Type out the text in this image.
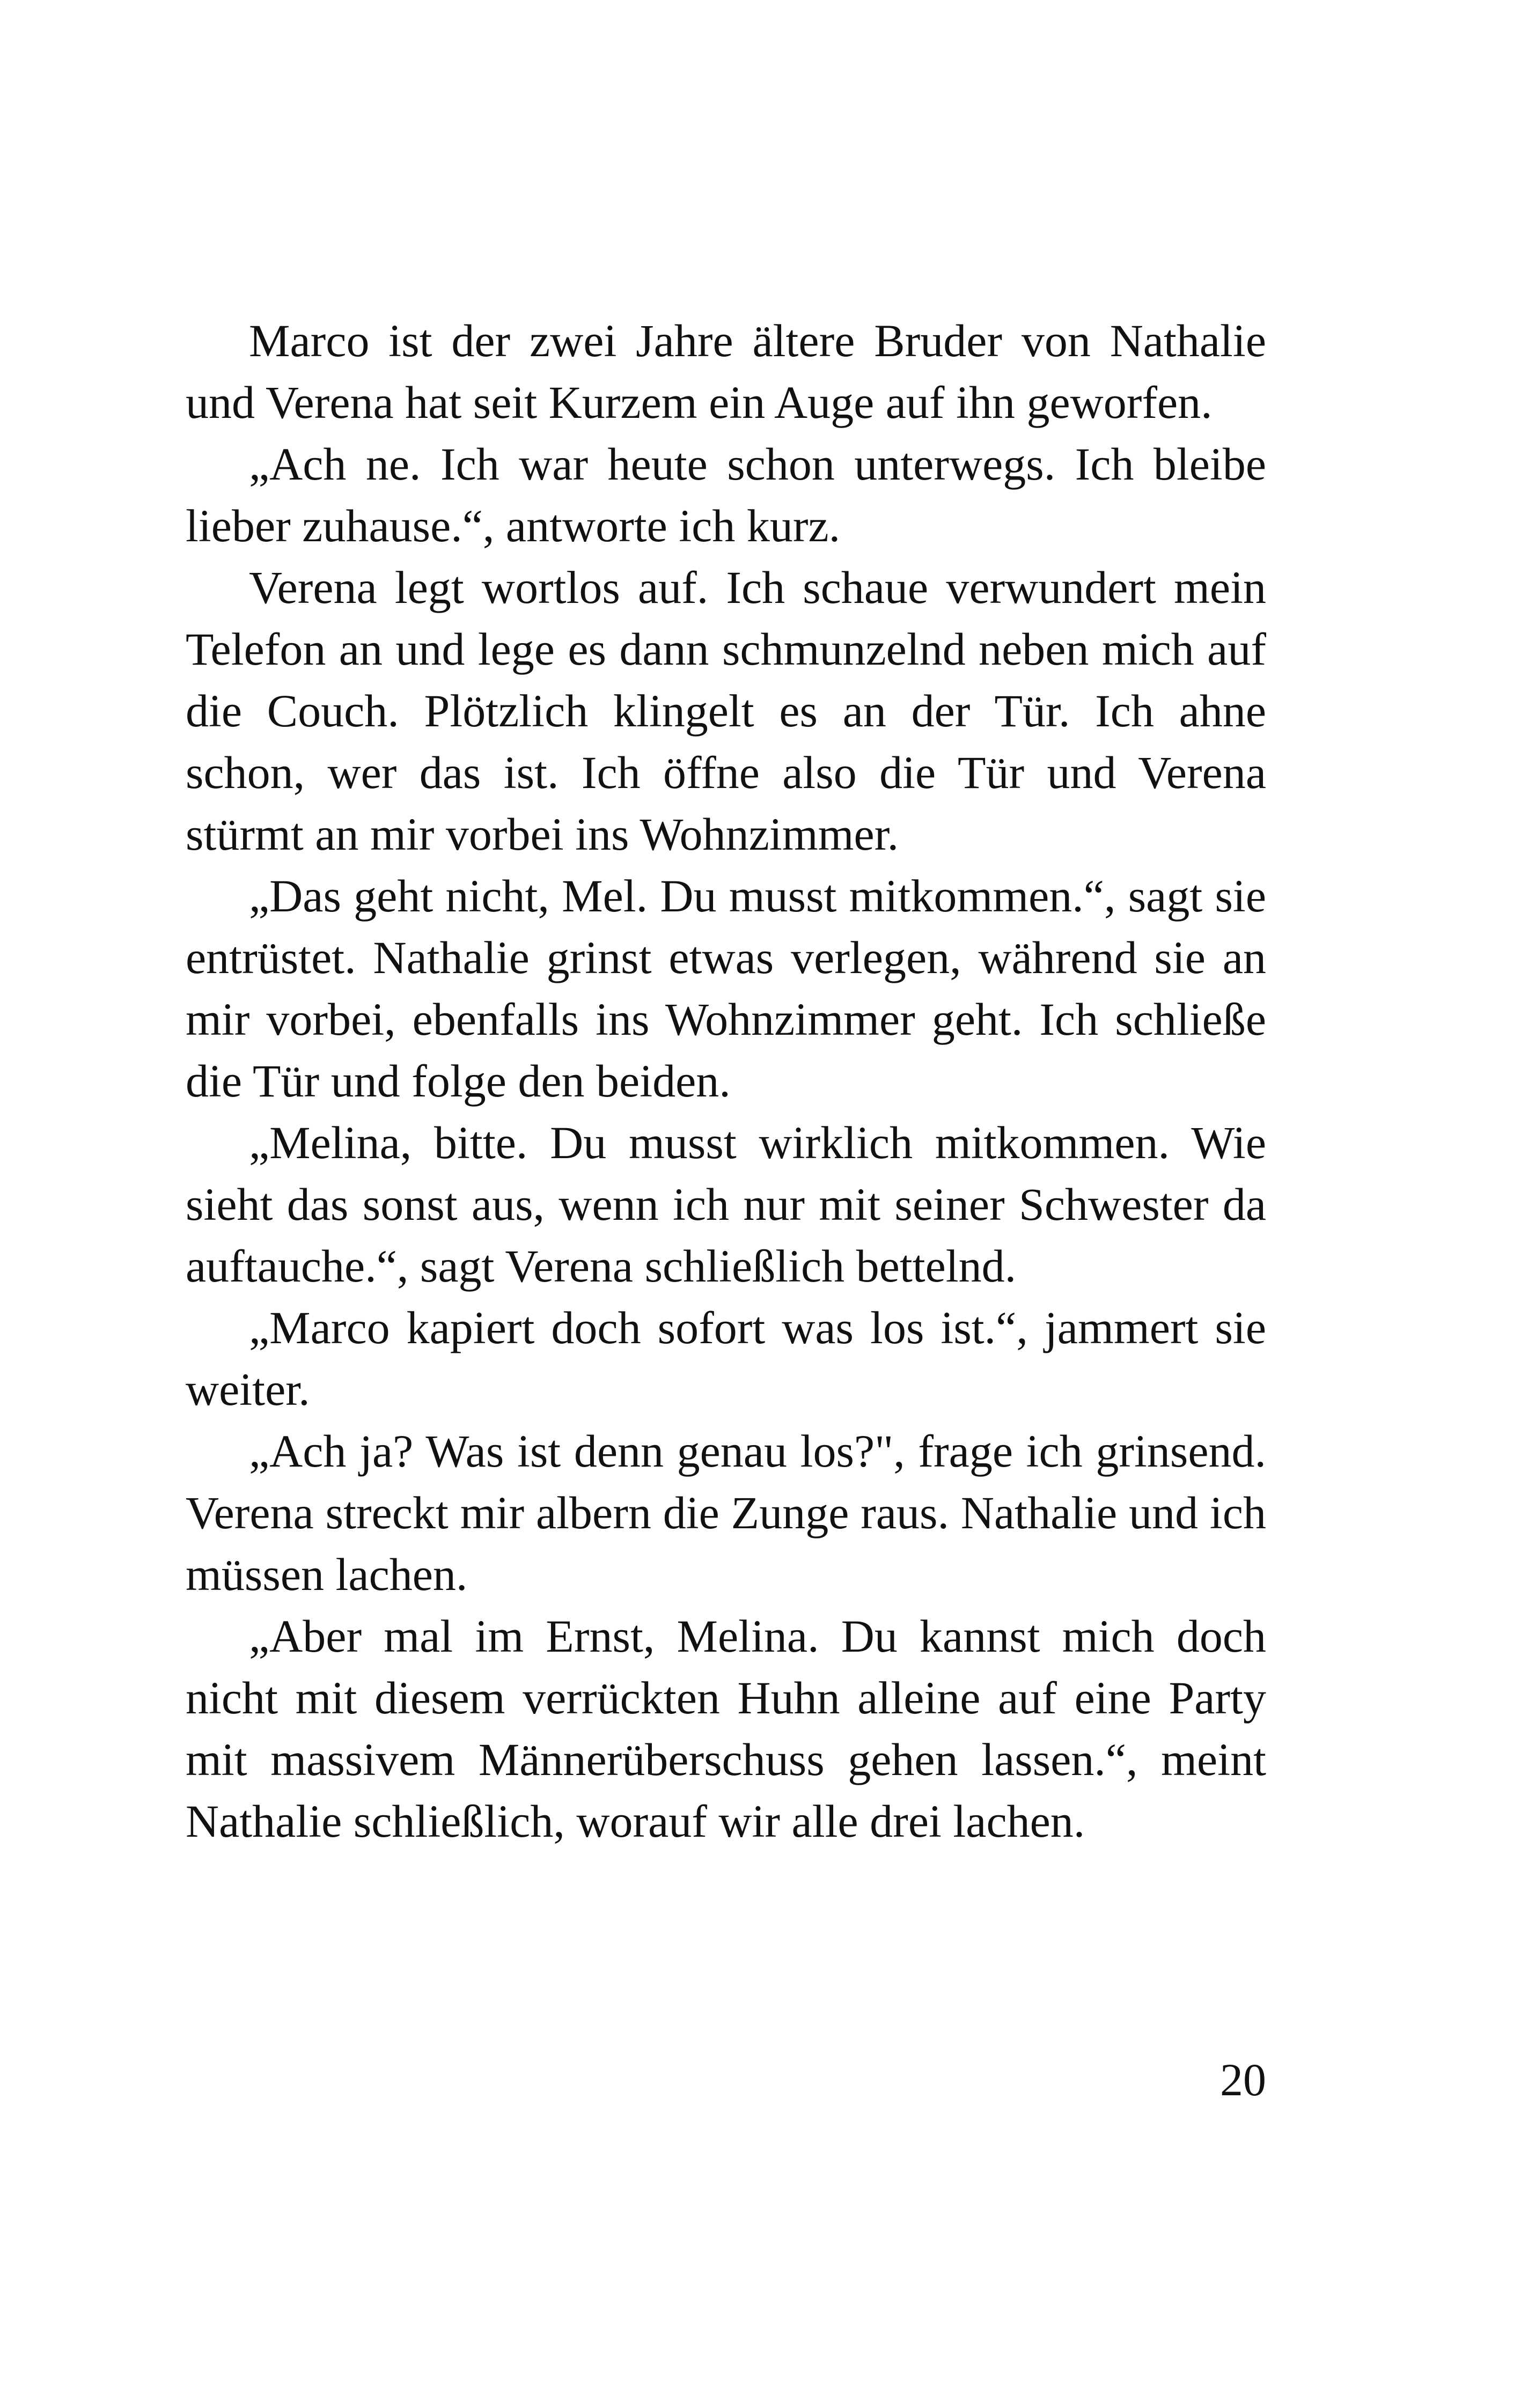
Marco ist der zwei Jahre ältere Bruder von Nathalie und Verena hat seit Kurzem ein Auge auf ihn geworfen.

„Ach ne. Ich war heute schon unterwegs. Ich bleibe lieber zuhause.“, antworte ich kurz.

Verena legt wortlos auf. Ich schaue verwundert mein Telefon an und lege es dann schmunzelnd neben mich auf die Couch. Plötzlich klingelt es an der Tür. Ich ahne schon, wer das ist. Ich öffne also die Tür und Verena stürmt an mir vorbei ins Wohnzimmer.

„Das geht nicht, Mel. Du musst mitkommen.“, sagt sie entrüstet. Nathalie grinst etwas verlegen, während sie an mir vorbei, ebenfalls ins Wohnzimmer geht. Ich schließe die Tür und folge den beiden.

„Melina, bitte. Du musst wirklich mitkommen. Wie sieht das sonst aus, wenn ich nur mit seiner Schwester da auftauche.“, sagt Verena schließlich bettelnd.

„Marco kapiert doch sofort was los ist.“, jammert sie weiter.

„Ach ja? Was ist denn genau los?", frage ich grinsend. Verena streckt mir albern die Zunge raus. Nathalie und ich müssen lachen.

„Aber mal im Ernst, Melina. Du kannst mich doch nicht mit diesem verrückten Huhn alleine auf eine Party mit massivem Männerüberschuss gehen lassen.“, meint Nathalie schließlich, worauf wir alle drei lachen.

20
